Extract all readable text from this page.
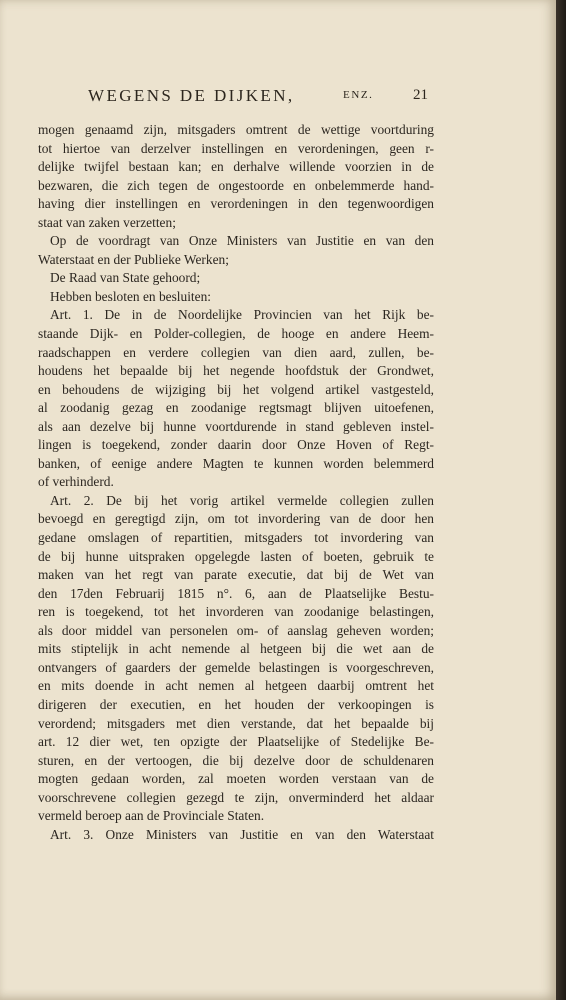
WEGENS DE DIJKEN,	ENZ.	21
mogen genaamd zijn, mitsgaders omtrent de wettige voortduring
tot hiertoe van derzelver instellingen en verordeningen, geen r-
delijke twijfel bestaan kan; en derhalve willende voorzien in de
bezwaren, die zich tegen de ongestoorde en onbelemmerde hand-
having dier instellingen en verordeningen in den tegenwoordigen
staat van zaken verzetten;
Op de voordragt van Onze Ministers van Justitie en van den
Waterstaat en der Publieke Werken;
De Raad van State gehoord;
Hebben besloten en besluiten:
Art. 1. De in de Noordelijke Provincien van het Rijk be-
staande Dijk- en Polder-collegien, de hooge en andere Heem-
raadschappen en verdere collegien van dien aard, zullen, be-
houdens het bepaalde bij het negende hoofdstuk der Grondwet,
en behoudens de wijziging bij het volgend artikel vastgesteld,
al zoodanig gezag en zoodanige regtsmagt blijven uitoefenen,
als aan dezelve bij hunne voortdurende in stand gebleven instel-
lingen is toegekend, zonder daarin door Onze Hoven of Regt-
banken, of eenige andere Magten te kunnen worden belemmerd
of verhinderd.
Art. 2. De bij het vorig artikel vermelde collegien zullen
bevoegd en geregtigd zijn, om tot invordering van de door hen
gedane omslagen of repartitien, mitsgaders tot invordering van
de bij hunne uitspraken opgelegde lasten of boeten, gebruik te
maken van het regt van parate executie, dat bij de Wet van
den 17den Februarij 1815 n°. 6, aan de Plaatselijke Bestu-
ren is toegekend, tot het invorderen van zoodanige belastingen,
als door middel van personelen om- of aanslag geheven worden;
mits stiptelijk in acht nemende al hetgeen bij die wet aan de
ontvangers of gaarders der gemelde belastingen is voorgeschreven,
en mits doende in acht nemen al hetgeen daarbij omtrent het
dirigeren der executien, en het houden der verkoopingen is
verordend; mitsgaders met dien verstande, dat het bepaalde bij
art. 12 dier wet, ten opzigte der Plaatselijke of Stedelijke Be-
sturen, en der vertoogen, die bij dezelve door de schuldenaren
mogten gedaan worden, zal moeten worden verstaan van de
voorschrevene collegien gezegd te zijn, onverminderd het aldaar
vermeld beroep aan de Provinciale Staten.
Art. 3. Onze Ministers van Justitie en van den Waterstaat
